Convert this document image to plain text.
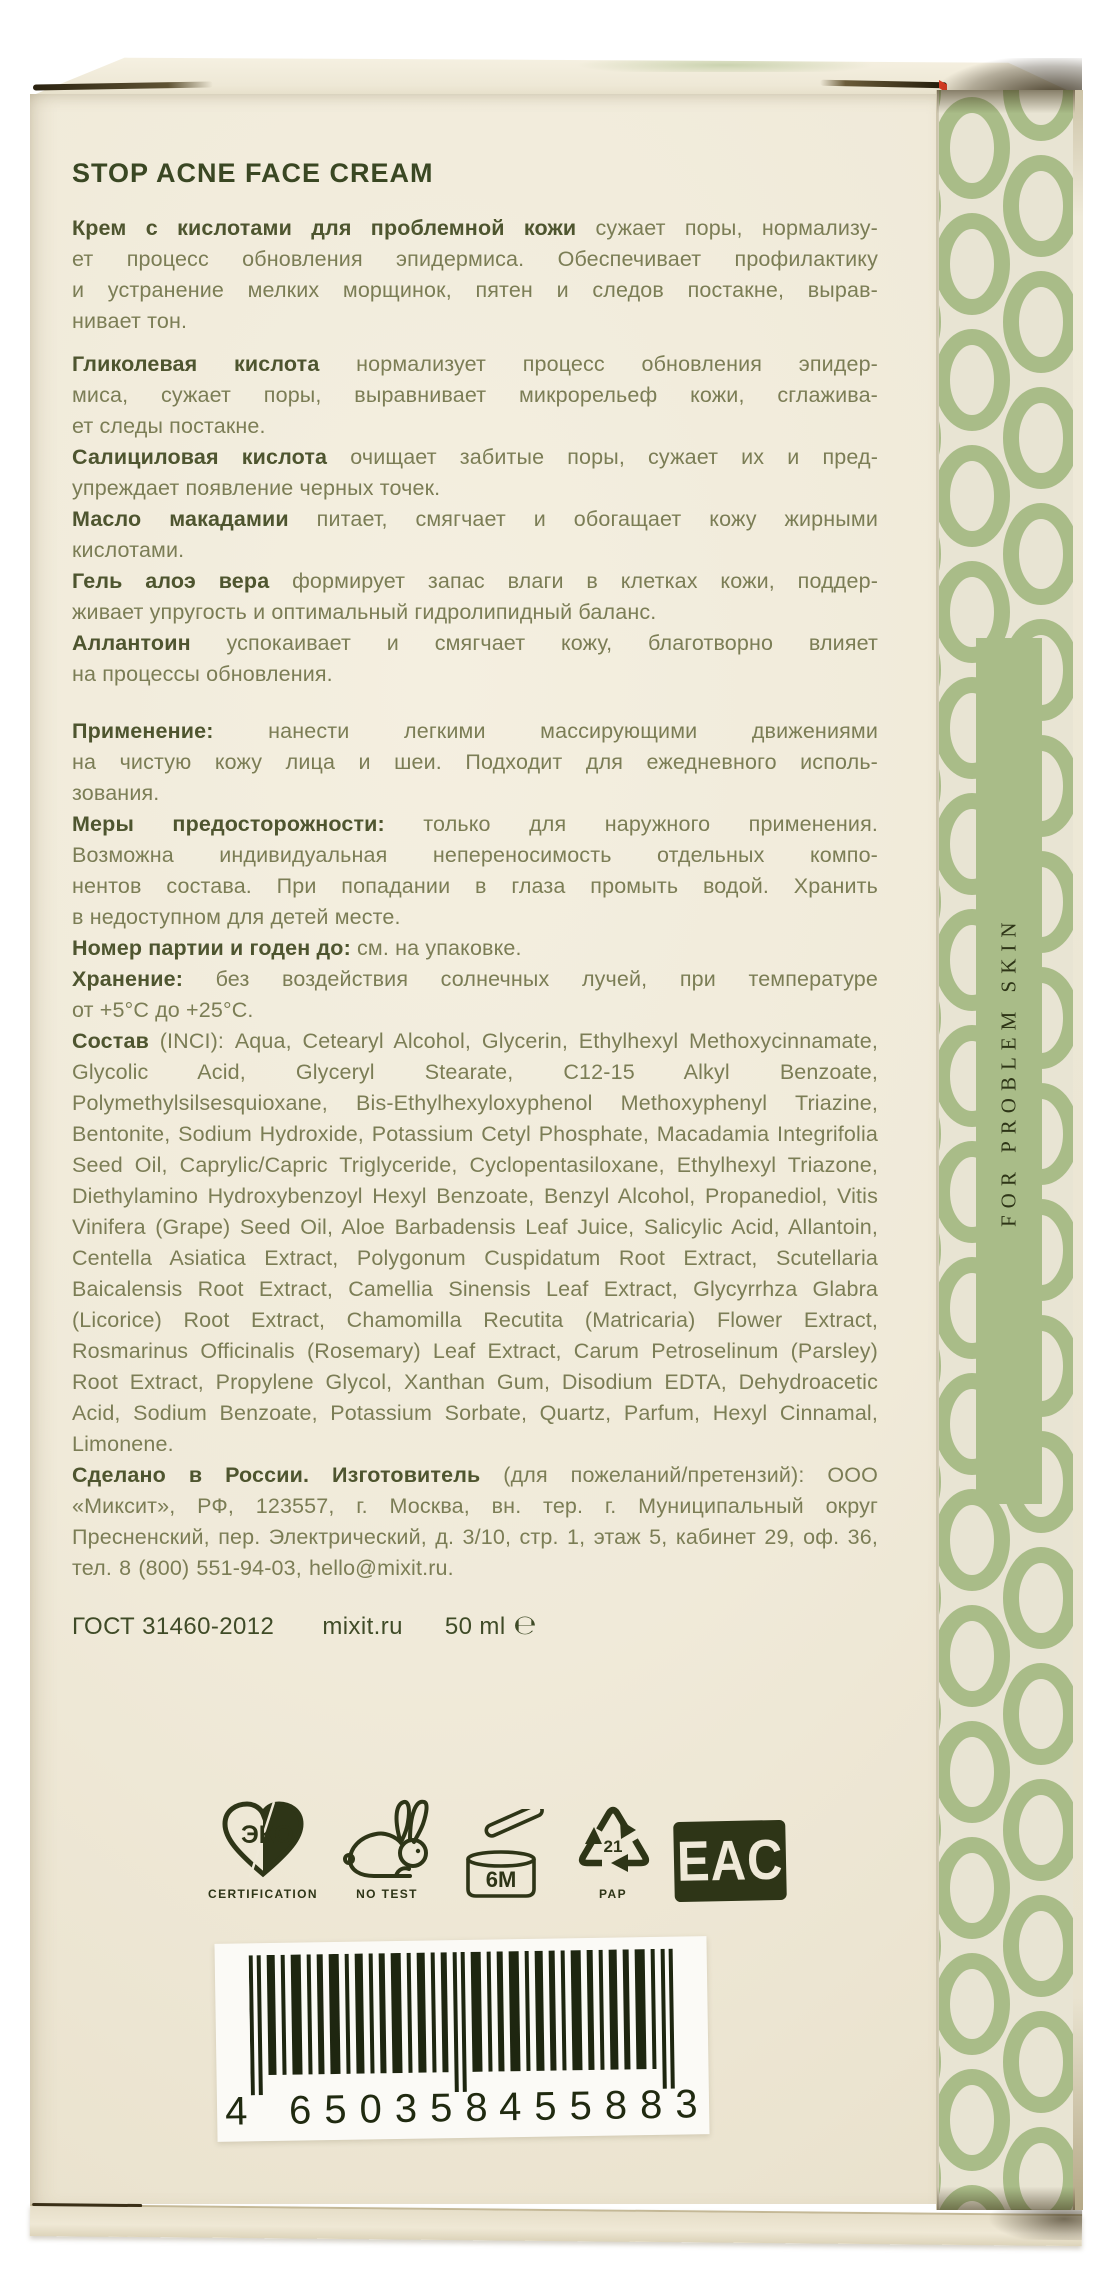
STOP ACNE FACE CREAM
Крем с кислотами для проблемной кожи сужает поры, нормализу-
ет процесс обновления эпидермиса. Обеспечивает профилактику
и устранение мелких морщинок, пятен и следов постакне, вырав-
нивает тон.
Гликолевая кислота нормализует процесс обновления эпидер-
миса, сужает поры, выравнивает микрорельеф кожи, сглажива-
ет следы постакне.
Салициловая кислота очищает забитые поры, сужает их и пред-
упреждает появление черных точек.
Масло макадамии питает, смягчает и обогащает кожу жирными
кислотами.
Гель алоэ вера формирует запас влаги в клетках кожи, поддер-
живает упругость и оптимальный гидролипидный баланс.
Аллантоин успокаивает и смягчает кожу, благотворно влияет
на процессы обновления.
Применение: нанести легкими массирующими движениями
на чистую кожу лица и шеи. Подходит для ежедневного исполь-
зования.
Меры предосторожности: только для наружного применения.
Возможна индивидуальная непереносимость отдельных компо-
нентов состава. При попадании в глаза промыть водой. Хранить
в недоступном для детей месте.
Номер партии и годен до: см. на упаковке.
Хранение: без воздействия солнечных лучей, при температуре
от +5°С до +25°С.
Состав (INCI): Aqua, Cetearyl Alcohol, Glycerin, Ethylhexyl Methoxycinnamate, Glycolic Acid, Glyceryl Stearate, C12-15 Alkyl Benzoate, Polymethylsilsesquioxane, Bis-Ethylhexyloxyphenol Methoxyphenyl Triazine, Bentonite, Sodium Hydroxide, Potassium Cetyl Phosphate, Macadamia Integrifolia Seed Oil, Caprylic/Capric Triglyceride, Cyclopentasiloxane, Ethylhexyl Triazone, Diethylamino Hydroxybenzoyl Hexyl Benzoate, Benzyl Alcohol, Propanediol, Vitis Vinifera (Grape) Seed Oil, Aloe Barbadensis Leaf Juice, Salicylic Acid, Allantoin, Centella Asiatica Extract, Polygonum Cuspidatum Root Extract, Scutellaria Baicalensis Root Extract, Camellia Sinensis Leaf Extract, Glycyrrhza Glabra (Licorice) Root Extract, Chamomilla Recutita (Matricaria) Flower Extract, Rosmarinus Officinalis (Rosemary) Leaf Extract, Carum Petroselinum (Parsley) Root Extract, Propylene Glycol, Xanthan Gum, Disodium EDTA, Dehydroacetic Acid, Sodium Benzoate, Potassium Sorbate, Quartz, Parfum, Hexyl Cinnamal, Limonene.
Сделано в России. Изготовитель (для пожеланий/претензий): ООО «Миксит», РФ, 123557, г. Москва, вн. тер. г. Муниципальный округ Пресненский, пер. Электрический, д. 3/10, стр. 1, этаж 5, кабинет 29, оф. 36, тел. 8 (800) 551-94-03, hello@mixit.ru.
ГОСТ 31460-2012 mixit.ru 50 ml ℮
ЭКО
CERTIFICATION	NO TEST
6M
21
PAP
EAC
4 650358
455883
FOR PROBLEM SKIN
